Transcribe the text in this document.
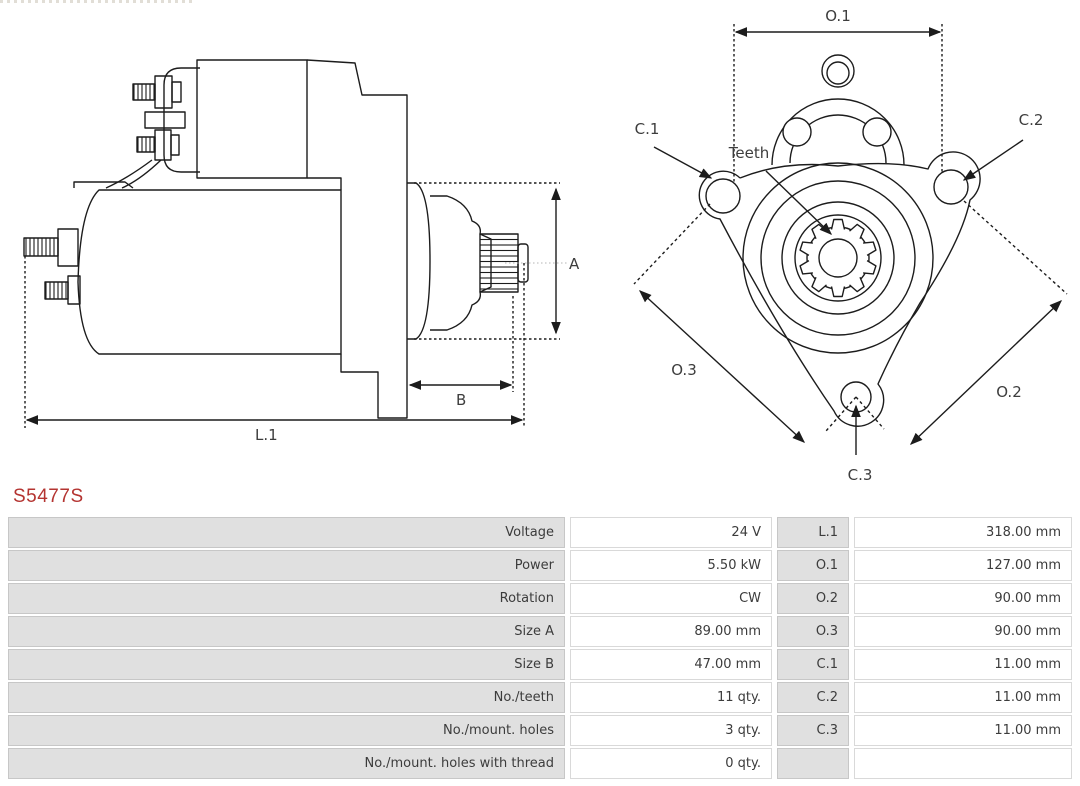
A
B
L.1
O.1
C.1	C.2
Teeth
O.3
O.2
C.3
S5477S
Voltage	24 V	L.1	318.00 mm
Power	5.50 kW	O.1	127.00 mm
Rotation	CW	O.2	90.00 mm
Size A	89.00 mm	O.3	90.00 mm
Size B	47.00 mm	C.1	11.00 mm
No./teeth	11 qty.	C.2	11.00 mm
No./mount. holes	3 qty.	C.3	11.00 mm
No./mount. holes with thread	0 qty.
